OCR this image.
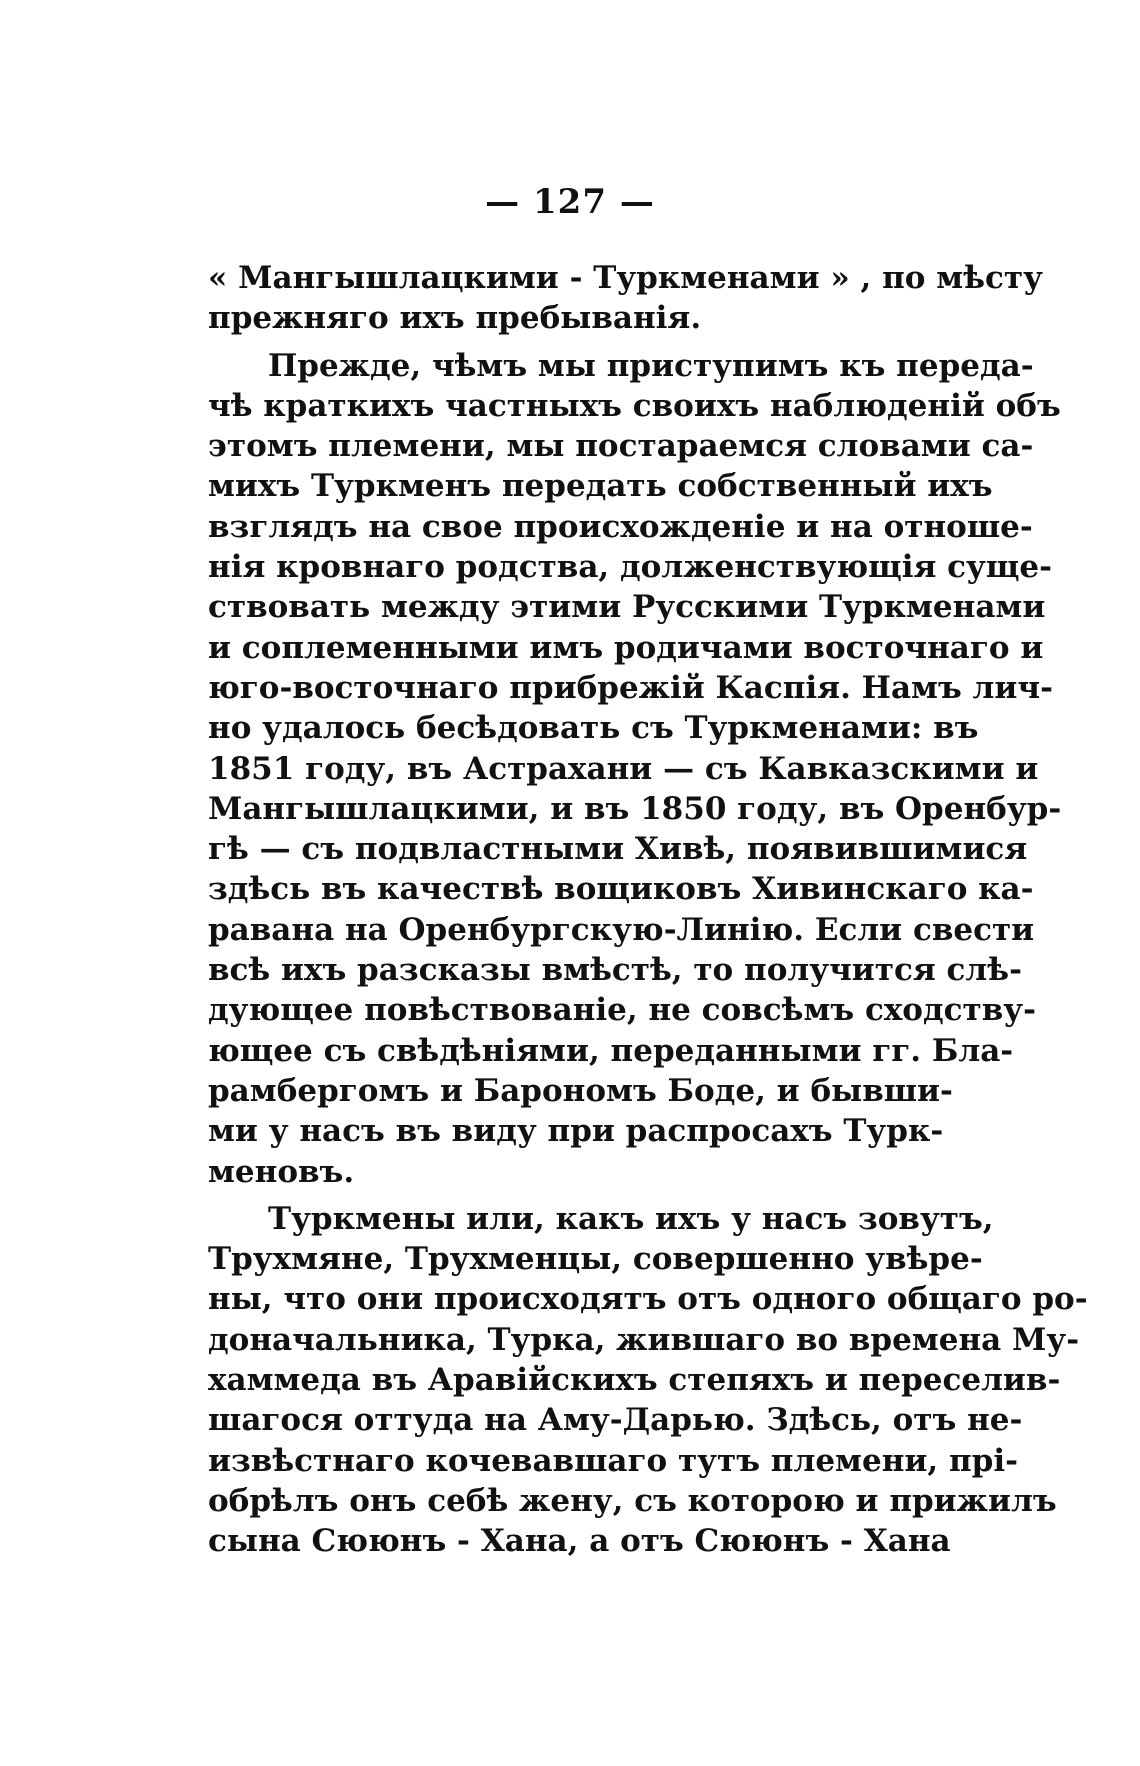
— 127 —
« Мангышлацкими - Туркменами » , по мѣсту
прежняго ихъ пребыванія.
Прежде, чѣмъ мы приступимъ къ переда-
чѣ краткихъ частныхъ своихъ наблюденій объ
этомъ племени, мы постараемся словами са-
михъ Туркменъ передать собственный ихъ
взглядъ на свое происхожденіе и на отноше-
нія кровнаго родства, долженствующія суще-
ствовать между этими Русскими Туркменами
и соплеменными имъ родичами восточнаго и
юго-восточнаго прибрежій Каспія. Намъ лич-
но удалось бесѣдовать съ Туркменами: въ
1851 году, въ Астрахани — съ Кавказскими и
Мангышлацкими, и въ 1850 году, въ Оренбур-
гѣ — съ подвластными Хивѣ, появившимися
здѣсь въ качествѣ вощиковъ Хивинскаго ка-
равана на Оренбургскую-Линію. Если свести
всѣ ихъ разсказы вмѣстѣ, то получится слѣ-
дующее повѣствованіе, не совсѣмъ сходству-
ющее съ свѣдѣніями, переданными гг. Бла-
рамбергомъ и Барономъ Боде, и бывши-
ми у насъ въ виду при распросахъ Турк-
меновъ.
Туркмены или, какъ ихъ у насъ зовутъ,
Трухмяне, Трухменцы, совершенно увѣре-
ны, что они происходятъ отъ одного общаго ро-
доначальника, Турка, жившаго во времена Му-
хаммеда въ Аравійскихъ степяхъ и переселив-
шагося оттуда на Аму-Дарью. Здѣсь, отъ не-
извѣстнаго кочевавшаго тутъ племени, прі-
обрѣлъ онъ себѣ жену, съ которою и прижилъ
сына Сююнъ - Хана, а отъ Сююнъ - Хана
